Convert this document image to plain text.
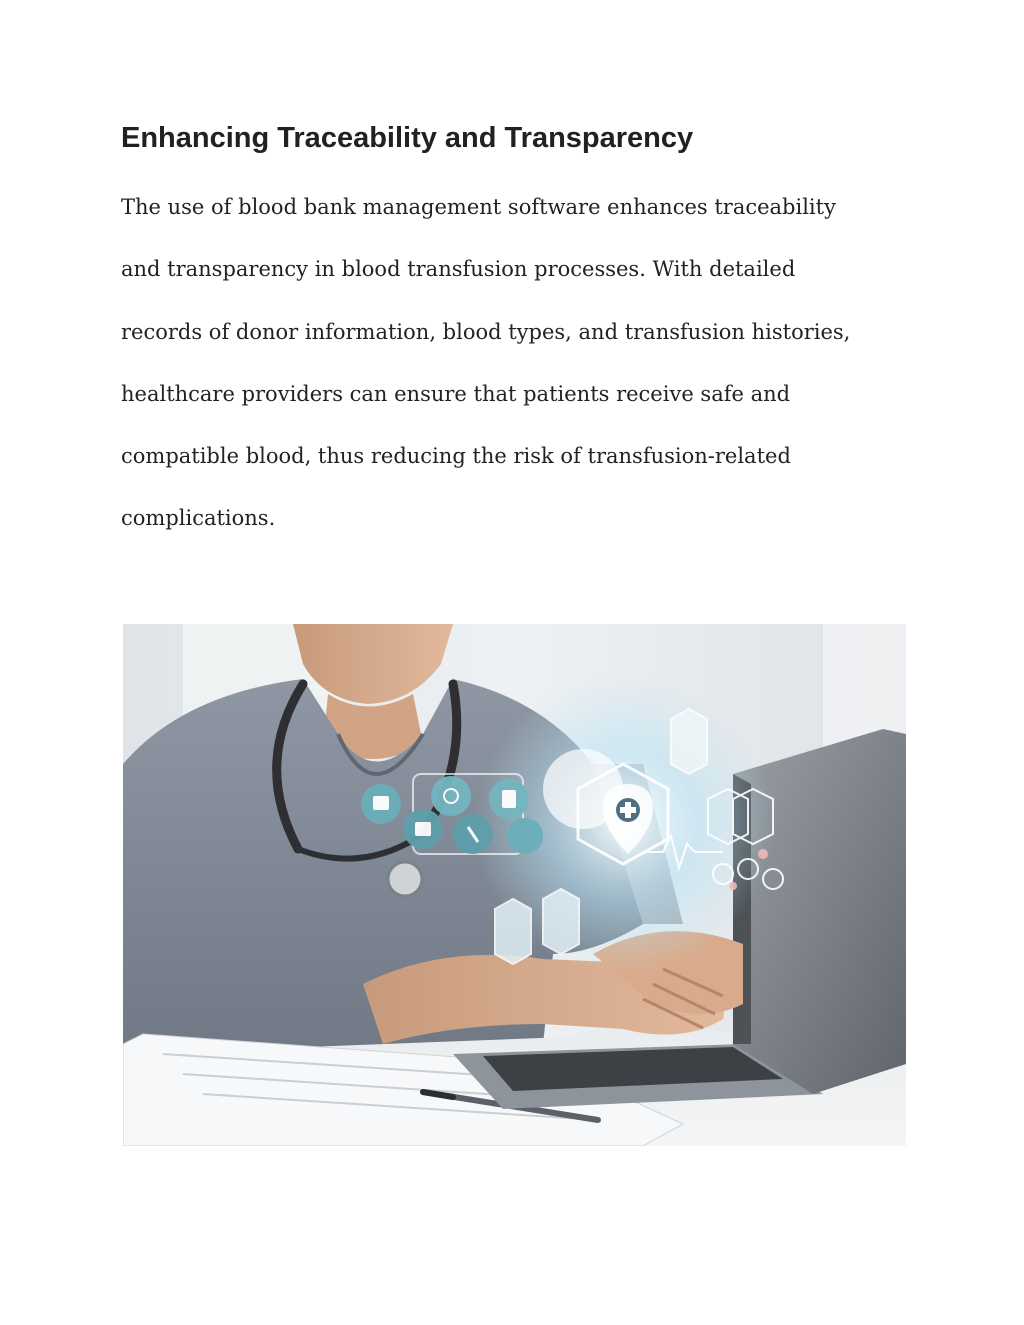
Enhancing Traceability and Transparency

The use of blood bank management software enhances traceability
and transparency in blood transfusion processes. With detailed
records of donor information, blood types, and transfusion histories,
healthcare providers can ensure that patients receive safe and
compatible blood, thus reducing the risk of transfusion-related
complications.
